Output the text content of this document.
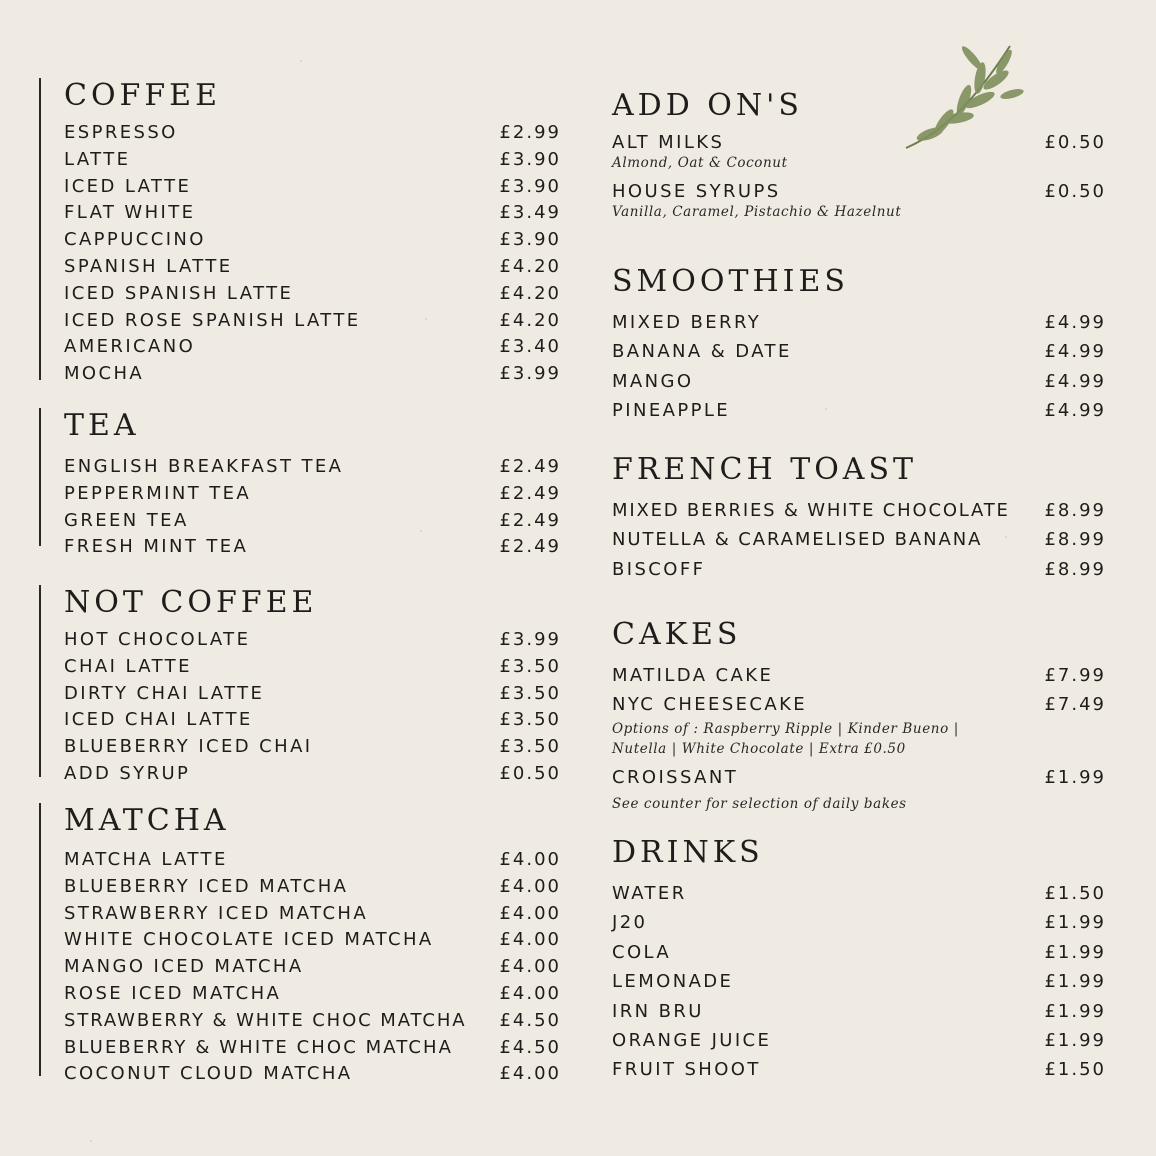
COFFEE
ESPRESSO	£2.99
LATTE	£3.90
ICED LATTE	£3.90
FLAT WHITE	£3.49
CAPPUCCINO	£3.90
SPANISH LATTE	£4.20
ICED SPANISH LATTE	£4.20
ICED ROSE SPANISH LATTE	£4.20
AMERICANO	£3.40
MOCHA	£3.99
TEA
ENGLISH BREAKFAST TEA	£2.49
PEPPERMINT TEA	£2.49
GREEN TEA	£2.49
FRESH MINT TEA	£2.49
NOT COFFEE
HOT CHOCOLATE	£3.99
CHAI LATTE	£3.50
DIRTY CHAI LATTE	£3.50
ICED CHAI LATTE	£3.50
BLUEBERRY ICED CHAI	£3.50
ADD SYRUP	£0.50
MATCHA
MATCHA LATTE	£4.00
BLUEBERRY ICED MATCHA	£4.00
STRAWBERRY ICED MATCHA	£4.00
WHITE CHOCOLATE ICED MATCHA	£4.00
MANGO ICED MATCHA	£4.00
ROSE ICED MATCHA	£4.00
STRAWBERRY & WHITE CHOC MATCHA £4.50
BLUEBERRY & WHITE CHOC MATCHA	£4.50
COCONUT CLOUD MATCHA	£4.00
ADD ON'S
ALT MILKS	£0.50
Almond, Oat & Coconut
HOUSE SYRUPS	£0.50
Vanilla, Caramel, Pistachio & Hazelnut
SMOOTHIES
MIXED BERRY	£4.99
BANANA & DATE	£4.99
MANGO	£4.99
PINEAPPLE	£4.99
FRENCH TOAST
MIXED BERRIES & WHITE CHOCOLATE £8.99
NUTELLA & CARAMELISED BANANA	£8.99
BISCOFF	£8.99
CAKES
MATILDA CAKE	£7.99
NYC CHEESECAKE	£7.49
Options of : Raspberry Ripple | Kinder Bueno |
Nutella | White Chocolate | Extra £0.50
CROISSANT	£1.99
See counter for selection of daily bakes
DRINKS
WATER	£1.50
J20	£1.99
COLA	£1.99
LEMONADE	£1.99
IRN BRU	£1.99
ORANGE JUICE	£1.99
FRUIT SHOOT	£1.50
